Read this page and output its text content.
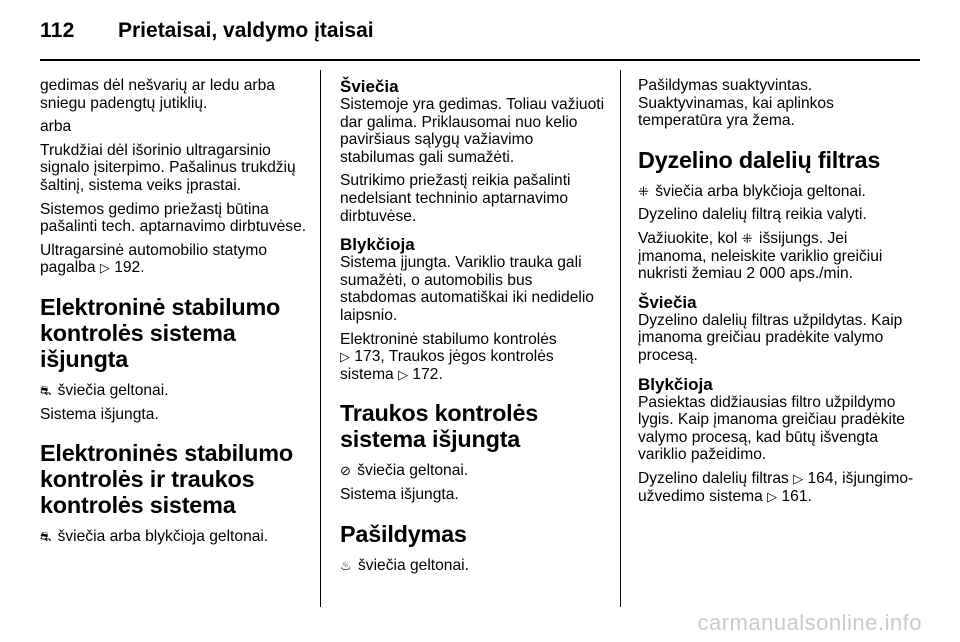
112 Prietaisai, valdymo įtaisai

gedimas dėl nešvarių ar ledu arba sniegu padengtų jutiklių.

arba

Trukdžiai dėl išorinio ultragarsinio signalo įsiterpimo. Pašalinus trukdžių šaltinį, sistema veiks įprastai.

Sistemos gedimo priežastį būtina pašalinti tech. aptarnavimo dirbtuvėse.

Ultragarsinė automobilio statymo pagalba ▷ 192.

Elektroninė stabilumo kontrolės sistema išjungta

⛐ šviečia geltonai.

Sistema išjungta.

Elektroninės stabilumo kontrolės ir traukos kontrolės sistema

⛐ šviečia arba blykčioja geltonai.

Šviečia

Sistemoje yra gedimas. Toliau važiuoti dar galima. Priklausomai nuo kelio paviršiaus sąlygų važiavimo stabilumas gali sumažėti.

Sutrikimo priežastį reikia pašalinti nedelsiant techninio aptarnavimo dirbtuvėse.

Blykčioja

Sistema įjungta. Variklio trauka gali sumažėti, o automobilis bus stabdomas automatiškai iki nedidelio laipsnio.

Elektroninė stabilumo kontrolės
▷ 173, Traukos jėgos kontrolės sistema ▷ 172.

Traukos kontrolės sistema išjungta

⊘ šviečia geltonai.

Sistema išjungta.

Pašildymas

♨ šviečia geltonai.

Pašildymas suaktyvintas. Suaktyvinamas, kai aplinkos temperatūra yra žema.

Dyzelino dalelių filtras

⁜ šviečia arba blykčioja geltonai.

Dyzelino dalelių filtrą reikia valyti.

Važiuokite, kol ⁜ išsijungs. Jei įmanoma, neleiskite variklio greičiui nukristi žemiau 2 000 aps./min.

Šviečia

Dyzelino dalelių filtras užpildytas. Kaip įmanoma greičiau pradėkite valymo procesą.

Blykčioja

Pasiektas didžiausias filtro užpildymo lygis. Kaip įmanoma greičiau pradėkite valymo procesą, kad būtų išvengta variklio pažeidimo.

Dyzelino dalelių filtras ▷ 164, išjungimo-užvedimo sistema ▷ 161.

carmanualsonline.info
